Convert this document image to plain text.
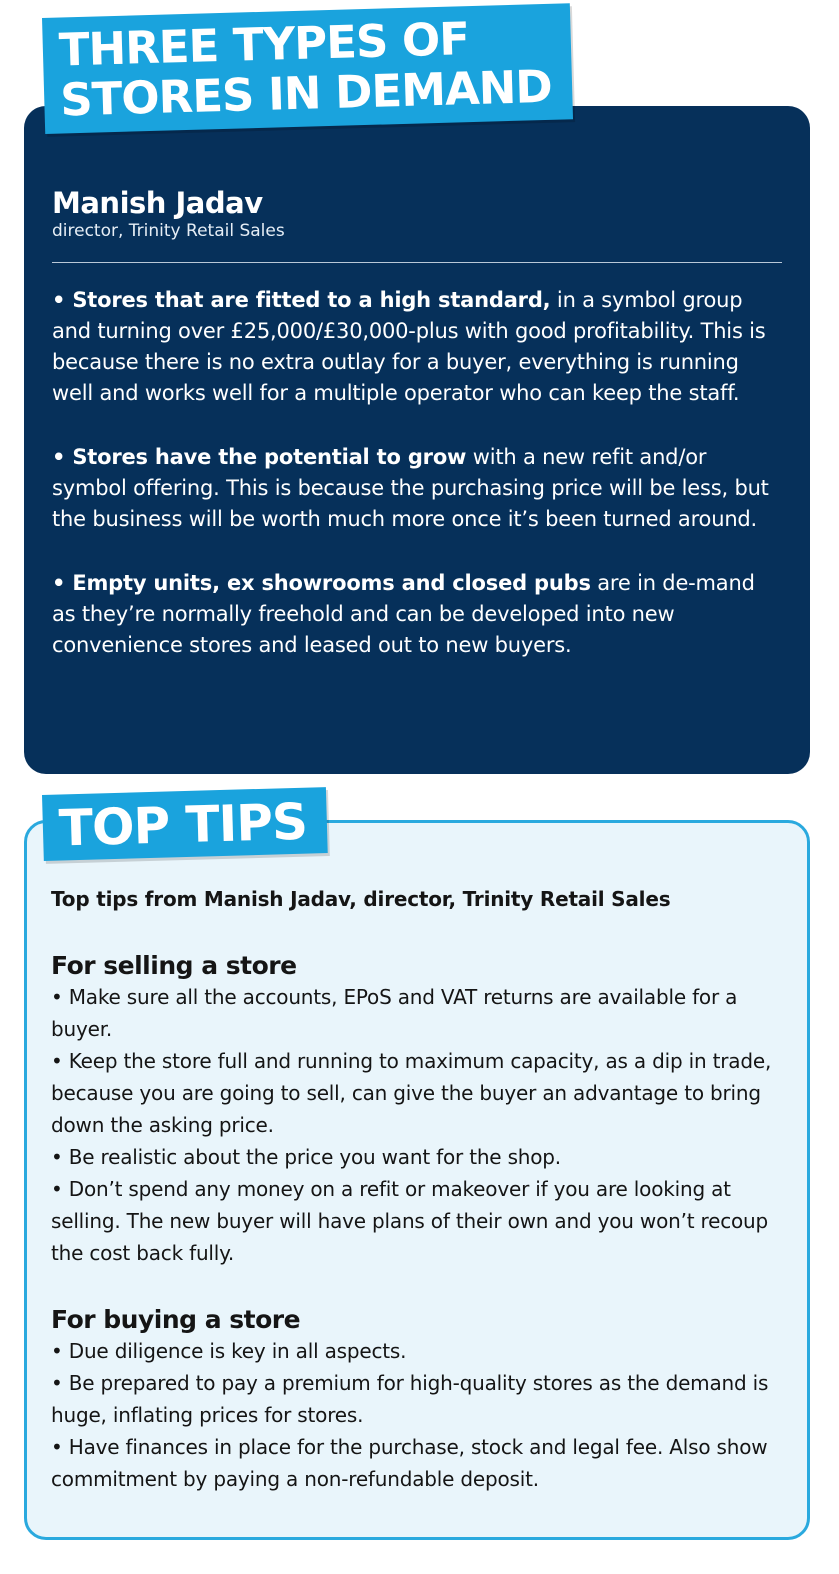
Manish Jadav
director, Trinity Retail Sales

• Stores that are fitted to a high standard, in a symbol group and turning over £25,000/£30,000-plus with good profitability. This is because there is no extra outlay for a buyer, everything is running well and works well for a multiple operator who can keep the staff.

• Stores have the potential to grow with a new refit and/or symbol offering. This is because the purchasing price will be less, but the business will be worth much more once it’s been turned around.

• Empty units, ex showrooms and closed pubs are in de-mand as they’re normally freehold and can be developed into new convenience stores and leased out to new buyers.

THREE TYPES OF
STORES IN DEMAND
Top tips from Manish Jadav, director, Trinity Retail Sales
For selling a store
• Make sure all the accounts, EPoS and VAT returns are available for a buyer.
• Keep the store full and running to maximum capacity, as a dip in trade, because you are going to sell, can give the buyer an advantage to bring down the asking price.
• Be realistic about the price you want for the shop.
• Don’t spend any money on a refit or makeover if you are looking at selling. The new buyer will have plans of their own and you won’t recoup the cost back fully.
For buying a store
• Due diligence is key in all aspects.
• Be prepared to pay a premium for high-quality stores as the demand is huge, inflating prices for stores.
• Have finances in place for the purchase, stock and legal fee. Also show commitment by paying a non-refundable deposit.
TOP TIPS
